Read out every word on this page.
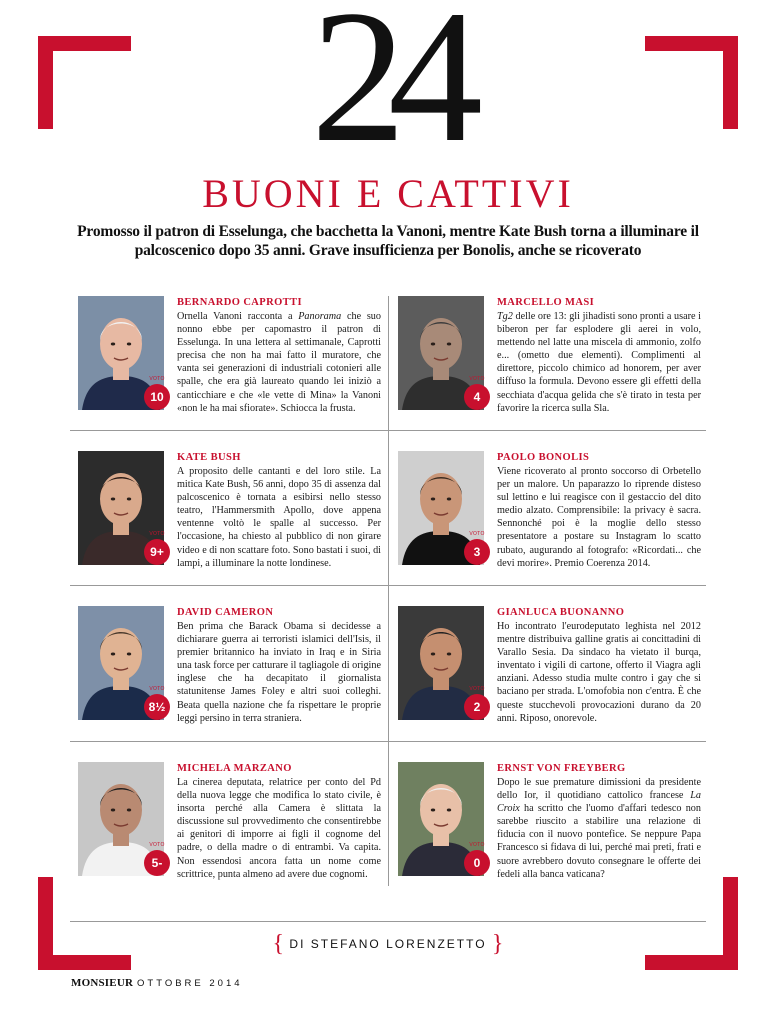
24
BUONI E CATTIVI
Promosso il patron di Esselunga, che bacchetta la Vanoni, mentre Kate Bush torna a illuminare il palcoscenico dopo 35 anni. Grave insufficienza per Bonolis, anche se ricoverato
VOTO
10
BERNARDO CAPROTTI
Ornella Vanoni racconta a Panorama che suo nonno ebbe per capomastro il patron di Esselunga. In una lettera al settimanale, Caprotti precisa che non ha mai fatto il muratore, che vanta sei generazioni di industriali cotonieri alle spalle, che era già laureato quando lei iniziò a canticchiare e che «le vette di Mina» la Vanoni «non le ha mai sfiorate». Schiocca la frusta.
VOTO
4
MARCELLO MASI
Tg2 delle ore 13: gli jihadisti sono pronti a usare i biberon per far esplodere gli aerei in volo, mettendo nel latte una miscela di ammonio, zolfo e... (ometto due elementi). Complimenti al direttore, piccolo chimico ad honorem, per aver diffuso la formula. Devono essere gli effetti della secchiata d'acqua gelida che s'è tirato in testa per favorire la ricerca sulla Sla.
VOTO
9+
KATE BUSH
A proposito delle cantanti e del loro stile. La mitica Kate Bush, 56 anni, dopo 35 di assenza dal palcoscenico è tornata a esibirsi nello stesso teatro, l'Hammersmith Apollo, dove appena ventenne voltò le spalle al successo. Per l'occasione, ha chiesto al pubblico di non girare video e di non scattare foto. Sono bastati i suoi, di lampi, a illuminare la notte londinese.
VOTO
3
PAOLO BONOLIS
Viene ricoverato al pronto soccorso di Orbetello per un malore. Un paparazzo lo riprende disteso sul lettino e lui reagisce con il gestaccio del dito medio alzato. Comprensibile: la privacy è sacra. Sennonché poi è la moglie dello stesso presentatore a postare su Instagram lo scatto rubato, augurando al fotografo: «Ricordati... che devi morire». Premio Coerenza 2014.
VOTO
8½
DAVID CAMERON
Ben prima che Barack Obama si decidesse a dichiarare guerra ai terroristi islamici dell'Isis, il premier britannico ha inviato in Iraq e in Siria una task force per catturare il tagliagole di origine inglese che ha decapitato il giornalista statunitense James Foley e altri suoi colleghi. Beata quella nazione che fa rispettare le proprie leggi persino in terra straniera.
VOTO
2
GIANLUCA BUONANNO
Ho incontrato l'eurodeputato leghista nel 2012 mentre distribuiva galline gratis ai concittadini di Varallo Sesia. Da sindaco ha vietato il burqa, inventato i vigili di cartone, offerto il Viagra agli anziani. Adesso studia multe contro i gay che si baciano per strada. L'omofobia non c'entra. È che queste stucchevoli provocazioni durano da 20 anni. Riposo, onorevole.
VOTO
5-
MICHELA MARZANO
La cinerea deputata, relatrice per conto del Pd della nuova legge che modifica lo stato civile, è insorta perché alla Camera è slittata la discussione sul provvedimento che consentirebbe ai genitori di imporre ai figli il cognome del padre, o della madre o di entrambi. Va capita. Non essendosi ancora fatta un nome come scrittrice, punta almeno ad avere due cognomi.
VOTO
0
ERNST VON FREYBERG
Dopo le sue premature dimissioni da presidente dello Ior, il quotidiano cattolico francese La Croix ha scritto che l'uomo d'affari tedesco non sarebbe riuscito a stabilire una relazione di fiducia con il nuovo pontefice. Se neppure Papa Francesco si fidava di lui, perché mai preti, frati e suore avrebbero dovuto consegnare le offerte dei fedeli alla banca vaticana?
{ DI STEFANO LORENZETTO }
MONSIEUR OTTOBRE 2014
